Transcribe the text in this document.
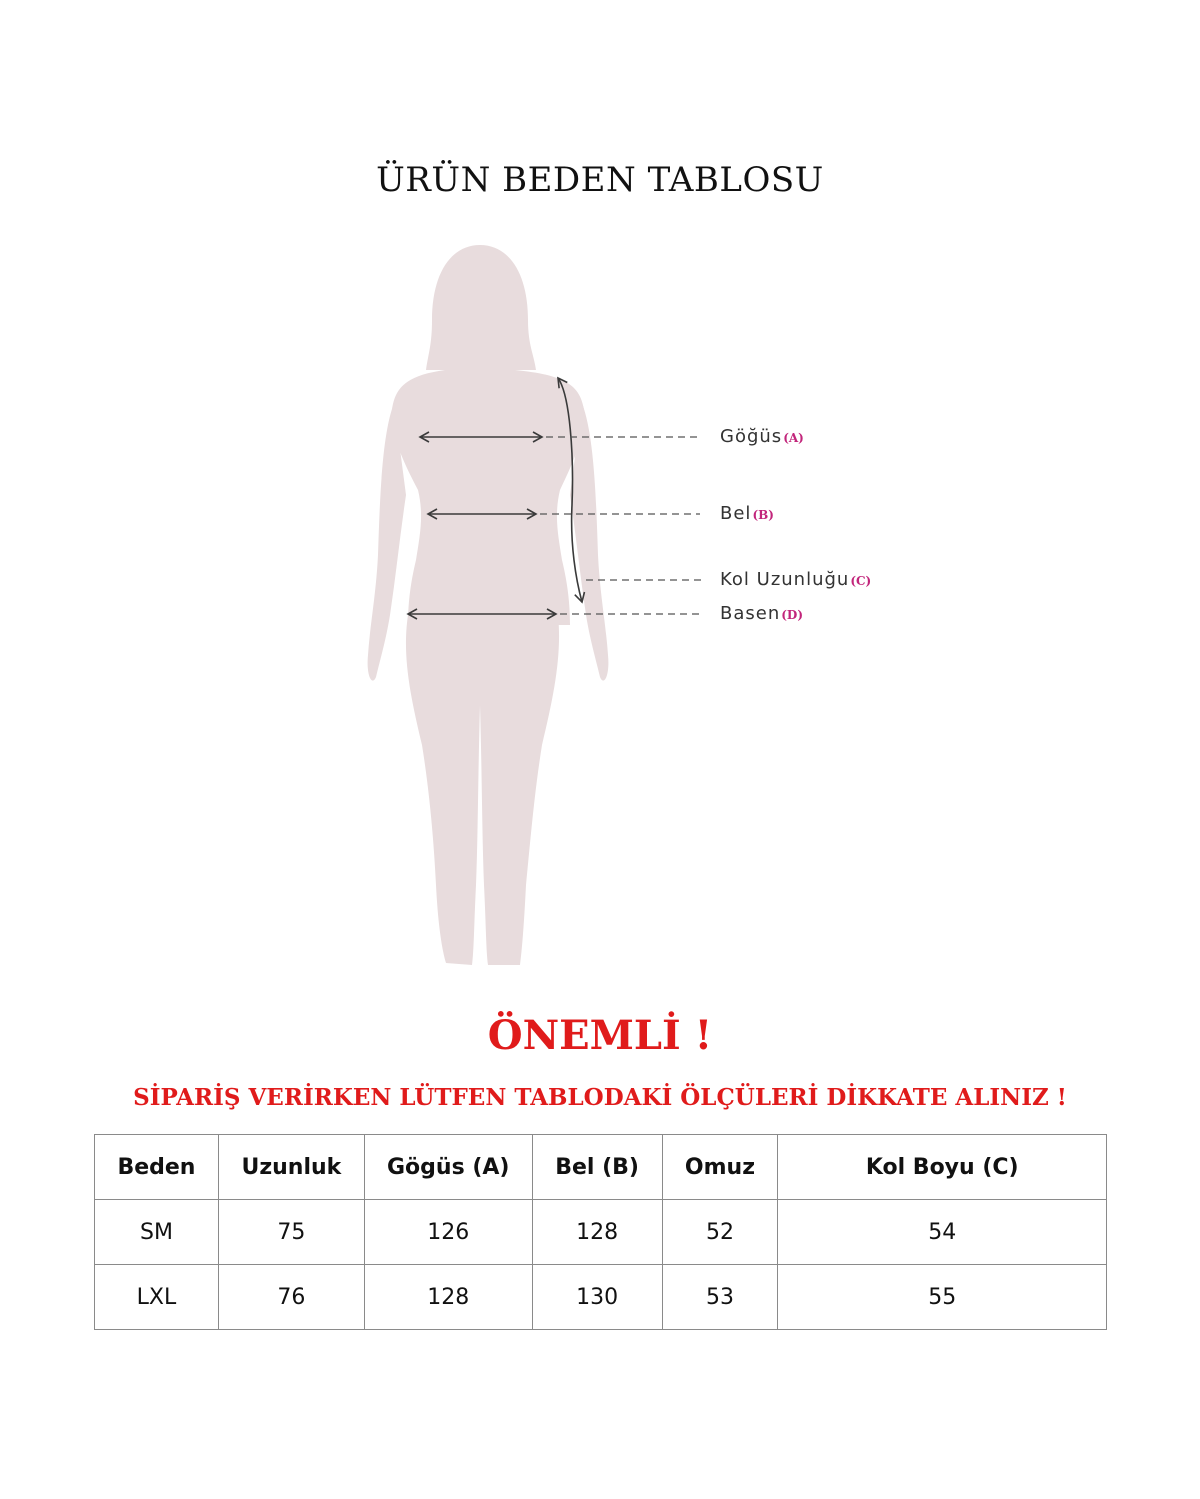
ÜRÜN BEDEN TABLOSU
Göğüs(A)
Bel(B)
Kol Uzunluğu(C)
Basen(D)
ÖNEMLİ !
SİPARİŞ VERİRKEN LÜTFEN TABLODAKİ ÖLÇÜLERİ DİKKATE ALINIZ !
Beden	Uzunluk	Gögüs (A)	Bel (B)	Omuz	Kol Boyu (C)
SM	75	126	128	52	54
LXL	76	128	130	53	55
